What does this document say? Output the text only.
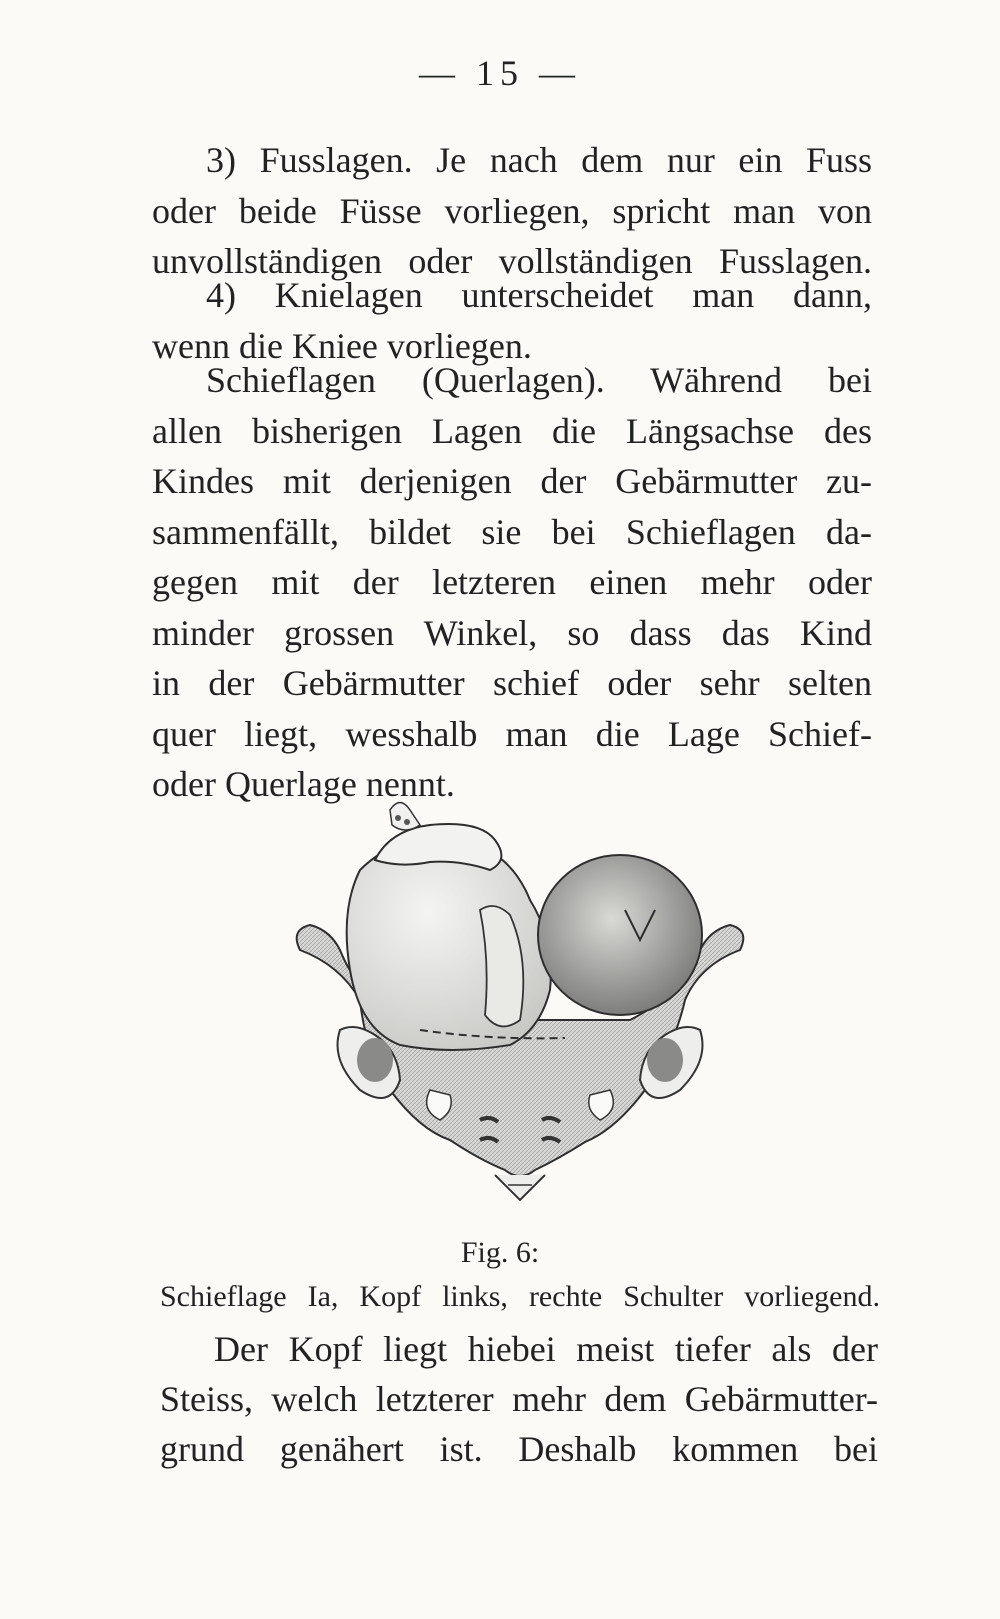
— 15 —
3) Fusslagen. Je nach dem nur ein Fuss
oder beide Füsse vorliegen, spricht man von
unvollständigen oder vollständigen Fusslagen.
4) Knielagen unterscheidet man dann,
wenn die Kniee vorliegen.
Schieflagen (Querlagen). Während bei
allen bisherigen Lagen die Längsachse des
Kindes mit derjenigen der Gebärmutter zu-
sammenfällt, bildet sie bei Schieflagen da-
gegen mit der letzteren einen mehr oder
minder grossen Winkel, so dass das Kind
in der Gebärmutter schief oder sehr selten
quer liegt, wesshalb man die Lage Schief-
oder Querlage nennt.
Fig. 6:
Schieflage Ia, Kopf links, rechte Schulter vorliegend.
Der Kopf liegt hiebei meist tiefer als der
Steiss, welch letzterer mehr dem Gebärmutter-
grund genähert ist. Deshalb kommen bei
